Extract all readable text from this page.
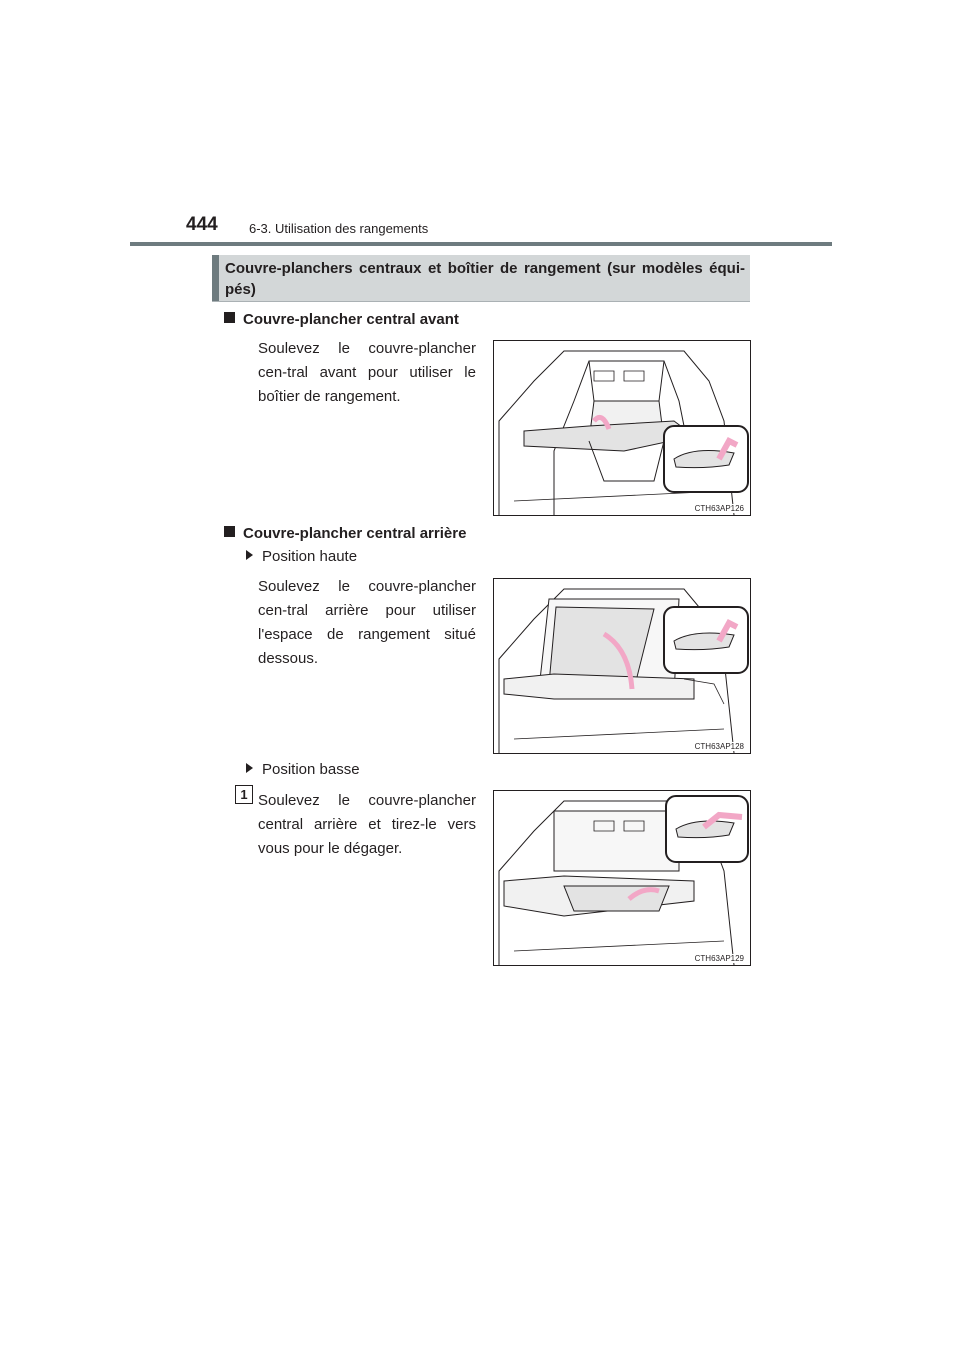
444 6-3. Utilisation des rangements
Couvre-planchers centraux et boîtier de rangement (sur modèles équi-pés)
Couvre-plancher central avant
Soulevez le couvre-plancher cen-tral avant pour utiliser le boîtier de rangement.
CTH63AP126
Couvre-plancher central arrière
Position haute
Soulevez le couvre-plancher cen-tral arrière pour utiliser l'espace de rangement situé dessous.
CTH63AP128
Position basse
1 Soulevez le couvre-plancher central arrière et tirez-le vers vous pour le dégager.
CTH63AP129
